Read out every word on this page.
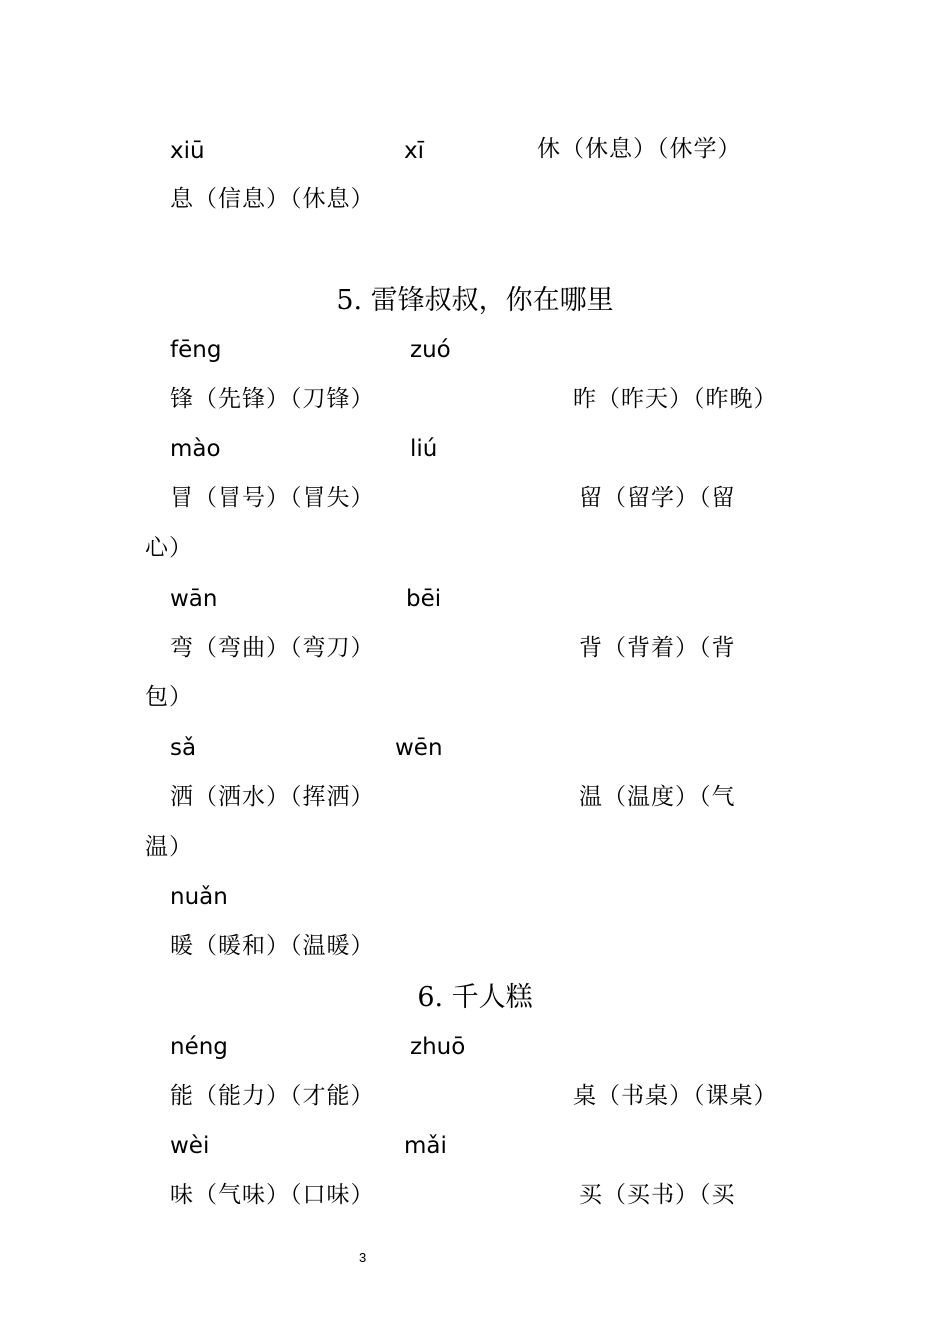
xiū	xī	休（休息）（休学）
息（信息）（休息）
5. 雷锋叔叔，你在哪里
fēng	zuó
锋（先锋）（刀锋）	昨（昨天）（昨晚）
mào	liú
冒（冒号）（冒失）	留（留学）（留
心）
wān	bēi
弯（弯曲）（弯刀）	背（背着）（背
包）
sǎ	wēn
洒（洒水）（挥洒）	温（温度）（气
温）
nuǎn
暖（暖和）（温暖）
6. 千人糕
néng	zhuō
能（能力）（才能）	桌（书桌）（课桌）
wèi	mǎi
味（气味）（口味）	买（买书）（买
3
